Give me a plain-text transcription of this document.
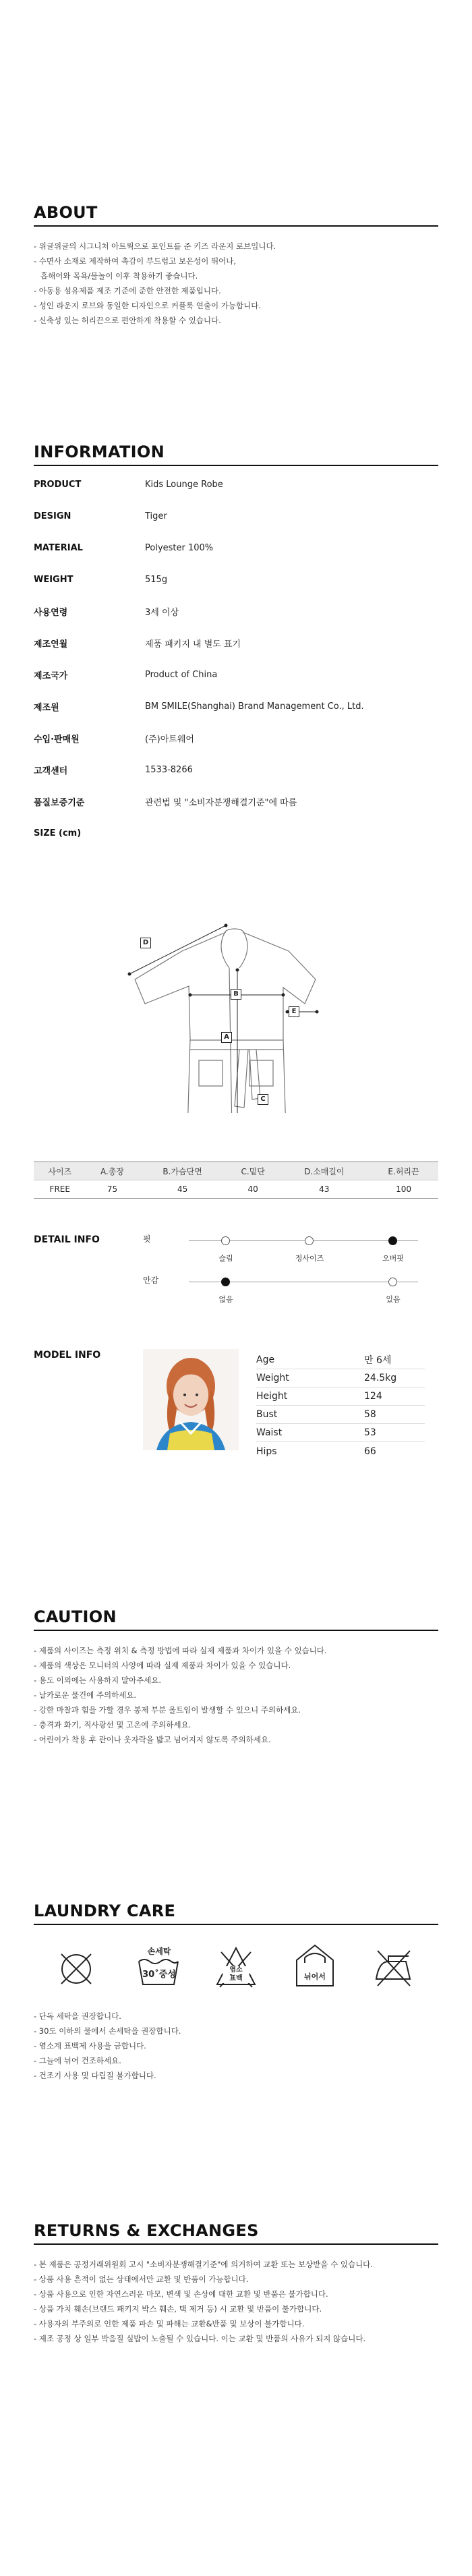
ABOUT
- 위글위글의 시그니처 아트웍으로 포인트를 준 키즈 라운지 로브입니다.
- 수면사 소재로 제작하여 촉감이 부드럽고 보온성이 뛰어나,
흡해어와 목욕/물놀이 이후 착용하기 좋습니다.
- 아동용 섬유제품 제조 기준에 준한 안전한 제품입니다.
- 성인 라운지 로브와 동일한 디자인으로 커플룩 연출이 가능합니다.
- 신축성 있는 허리끈으로 편안하게 착용할 수 있습니다.
INFORMATION
PRODUCT	Kids Lounge Robe
DESIGN	Tiger
MATERIAL	Polyester 100%
WEIGHT	515g
사용연령	3세 이상
제조연월	제품 패키지 내 별도 표기
제조국가	Product of China
제조원	BM SMILE(Shanghai) Brand Management Co., Ltd.
수입·판매원	(주)아트웨어
고객센터	1533-8266
품질보증기준	관련법 및 "소비자분쟁해결기준"에 따름
SIZE (cm)
D
B
E
A
C
사이즈	A.총장	B.가슴단면	C.밑단	D.소매길이	E.허리끈
FREE	75	45	40	43	100
DETAIL INFO	핏
슬림	정사이즈	오버핏
안감
없음	있음
MODEL INFO	Age	만 6세
Weight	24.5kg
Height	124
Bust	58
Waist	53
Hips	66
CAUTION
- 제품의 사이즈는 측정 위치 & 측정 방법에 따라 실제 제품과 차이가 있을 수 있습니다.
- 제품의 색상은 모니터의 사양에 따라 실제 제품과 차이가 있을 수 있습니다.
- 용도 이외에는 사용하지 말아주세요.
- 날카로운 물건에 주의하세요.
- 강한 마찰과 힘을 가할 경우 봉제 부분 올트임이 발생할 수 있으니 주의하세요.
- 충격과 화기, 직사광선 및 고온에 주의하세요.
- 어린이가 착용 후 관이나 웃자락을 밟고 넘어지지 않도록 주의하세요.
LAUNDRY CARE
손세탁
30˚중성	염소
표백	뉘어서
- 단독 세탁을 권장합니다.
- 30도 이하의 물에서 손세탁을 권장합니다.
- 염소계 표백제 사용을 금합니다.
- 그늘에 뉘어 건조하세요.
- 건조기 사용 및 다림질 불가합니다.
RETURNS & EXCHANGES
- 본 제품은 공정거래위원회 고시 "소비자분쟁해결기준"에 의거하여 교환 또는 보상받을 수 있습니다.
- 상품 사용 흔적이 없는 상태에서만 교환 및 반품이 가능합니다.
- 상품 사용으로 인한 자연스러운 마모, 변색 및 손상에 대한 교환 및 반품은 불가합니다.
- 상품 가치 훼손(브랜드 패키지 박스 훼손, 택 제거 등) 시 교환 및 반품이 불가합니다.
- 사용자의 부주의로 인한 제품 파손 및 파해는 교환&반품 및 보상이 불가합니다.
- 제조 공정 상 일부 박음질 실밥이 노출될 수 있습니다. 이는 교환 및 반품의 사유가 되지 않습니다.
